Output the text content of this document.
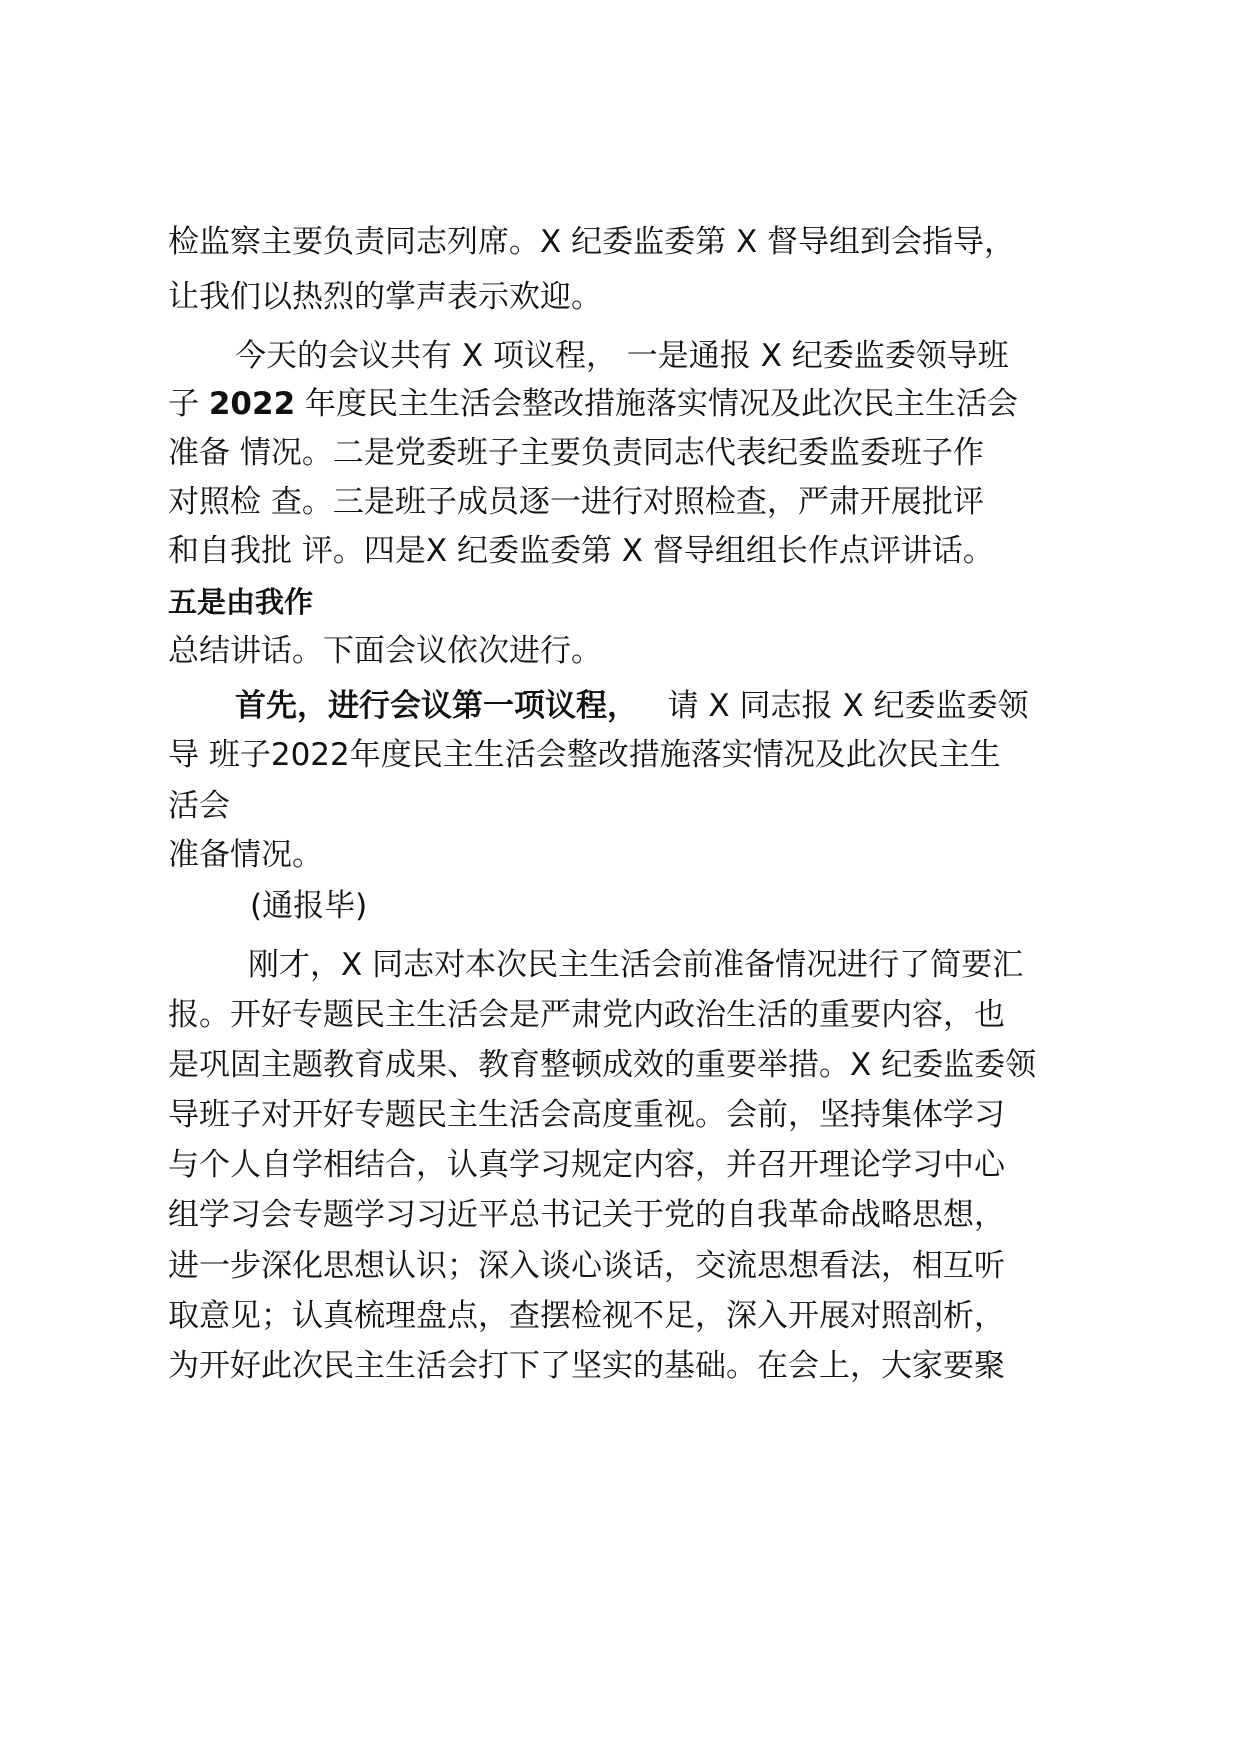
检监察主要负责同志列席。X 纪委监委第 X 督导组到会指导，

让我们以热烈的掌声表示欢迎。

今天的会议共有 X 项议程， 一是通报 X 纪委监委领导班

子 2022 年度民主生活会整改措施落实情况及此次民主生活会

准备 情况。二是党委班子主要负责同志代表纪委监委班子作

对照检 查。三是班子成员逐一进行对照检查，严肃开展批评

和自我批 评。四是X 纪委监委第 X 督导组组长作点评讲话。

五是由我作

总结讲话。下面会议依次进行。

首先，进行会议第一项议程， 请 X 同志报 X 纪委监委领

导 班子2022年度民主生活会整改措施落实情况及此次民主生

活会

准备情况。

(通报毕)

刚才，X 同志对本次民主生活会前准备情况进行了简要汇

报。开好专题民主生活会是严肃党内政治生活的重要内容，也

是巩固主题教育成果、教育整顿成效的重要举措。X 纪委监委领

导班子对开好专题民主生活会高度重视。会前，坚持集体学习

与个人自学相结合，认真学习规定内容，并召开理论学习中心

组学习会专题学习习近平总书记关于党的自我革命战略思想，

进一步深化思想认识；深入谈心谈话，交流思想看法，相互听

取意见；认真梳理盘点，查摆检视不足，深入开展对照剖析，

为开好此次民主生活会打下了坚实的基础。在会上，大家要聚
